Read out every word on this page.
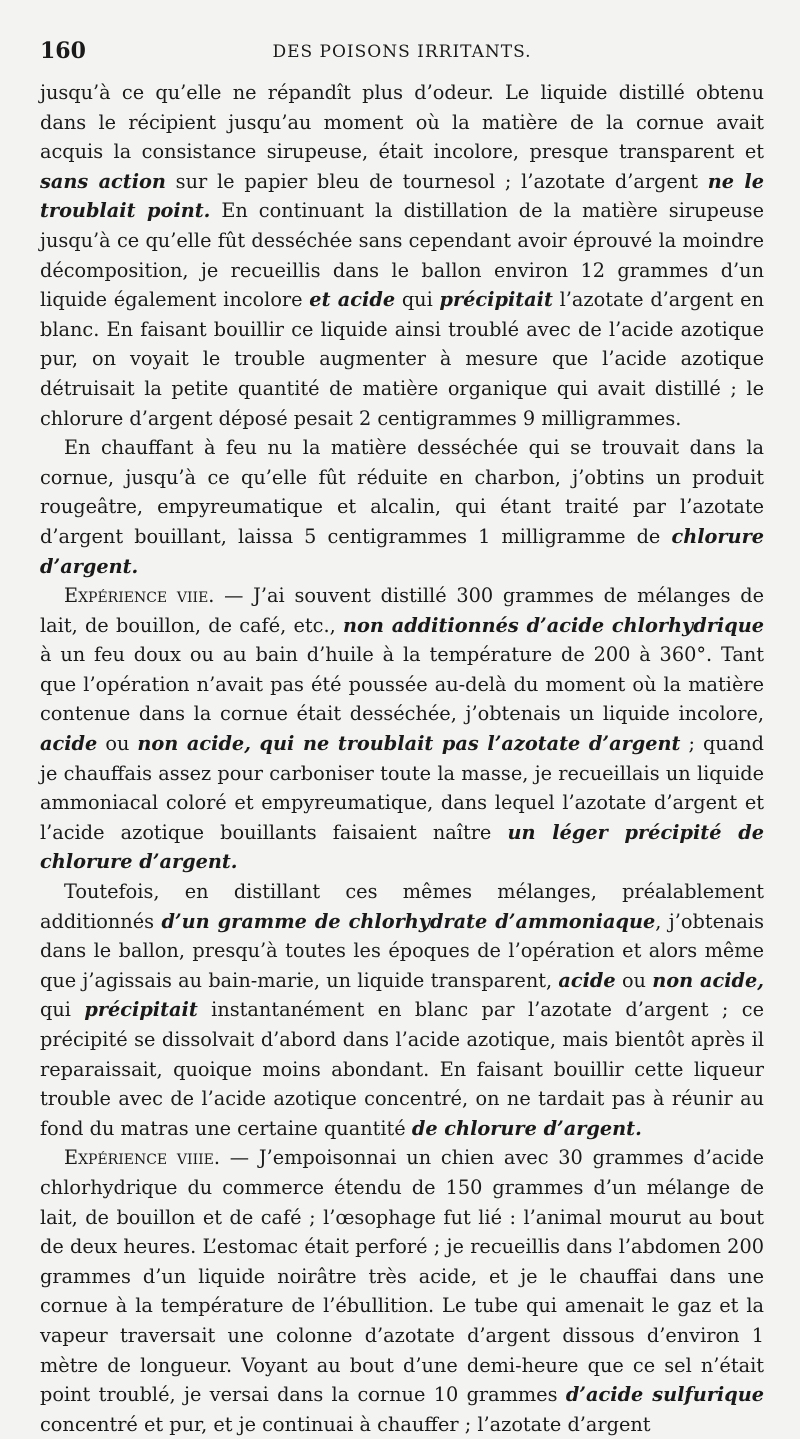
160	DES POISONS IRRITANTS.

jusqu’à ce qu’elle ne répandît plus d’odeur. Le liquide distillé obtenu dans le récipient jusqu’au moment où la matière de la cornue avait acquis la consistance sirupeuse, était incolore, presque transparent et sans action sur le papier bleu de tournesol ; l’azotate d’argent ne le troublait point. En continuant la distillation de la matière sirupeuse jusqu’à ce qu’elle fût desséchée sans cependant avoir éprouvé la moindre décomposition, je recueillis dans le ballon environ 12 grammes d’un liquide également incolore et acide qui précipitait l’azotate d’argent en blanc. En faisant bouillir ce liquide ainsi troublé avec de l’acide azotique pur, on voyait le trouble augmenter à mesure que l’acide azotique détruisait la petite quantité de matière organique qui avait distillé ; le chlorure d’argent déposé pesait 2 centigrammes 9 milligrammes.

En chauffant à feu nu la matière desséchée qui se trouvait dans la cornue, jusqu’à ce qu’elle fût réduite en charbon, j’obtins un produit rougeâtre, empyreumatique et alcalin, qui étant traité par l’azotate d’argent bouillant, laissa 5 centigrammes 1 milligramme de chlorure d’argent.

Expérience viie. — J’ai souvent distillé 300 grammes de mélanges de lait, de bouillon, de café, etc., non additionnés d’acide chlorhydrique à un feu doux ou au bain d’huile à la température de 200 à 360°. Tant que l’opération n’avait pas été poussée au-delà du moment où la matière contenue dans la cornue était desséchée, j’obtenais un liquide incolore, acide ou non acide, qui ne troublait pas l’azotate d’argent ; quand je chauffais assez pour carboniser toute la masse, je recueillais un liquide ammoniacal coloré et empyreumatique, dans lequel l’azotate d’argent et l’acide azotique bouillants faisaient naître un léger précipité de chlorure d’argent.

Toutefois, en distillant ces mêmes mélanges, préalablement additionnés d’un gramme de chlorhydrate d’ammoniaque, j’obtenais dans le ballon, presqu’à toutes les époques de l’opération et alors même que j’agissais au bain-marie, un liquide transparent, acide ou non acide, qui précipitait instantanément en blanc par l’azotate d’argent ; ce précipité se dissolvait d’abord dans l’acide azotique, mais bientôt après il reparaissait, quoique moins abondant. En faisant bouillir cette liqueur trouble avec de l’acide azotique concentré, on ne tardait pas à réunir au fond du matras une certaine quantité de chlorure d’argent.

Expérience viiie. — J’empoisonnai un chien avec 30 grammes d’acide chlorhydrique du commerce étendu de 150 grammes d’un mélange de lait, de bouillon et de café ; l’œsophage fut lié : l’animal mourut au bout de deux heures. L’estomac était perforé ; je recueillis dans l’abdomen 200 grammes d’un liquide noirâtre très acide, et je le chauffai dans une cornue à la température de l’ébullition. Le tube qui amenait le gaz et la vapeur traversait une colonne d’azotate d’argent dissous d’environ 1 mètre de longueur. Voyant au bout d’une demi-heure que ce sel n’était point troublé, je versai dans la cornue 10 grammes d’acide sulfurique concentré et pur, et je continuai à chauffer ; l’azotate d’argent
